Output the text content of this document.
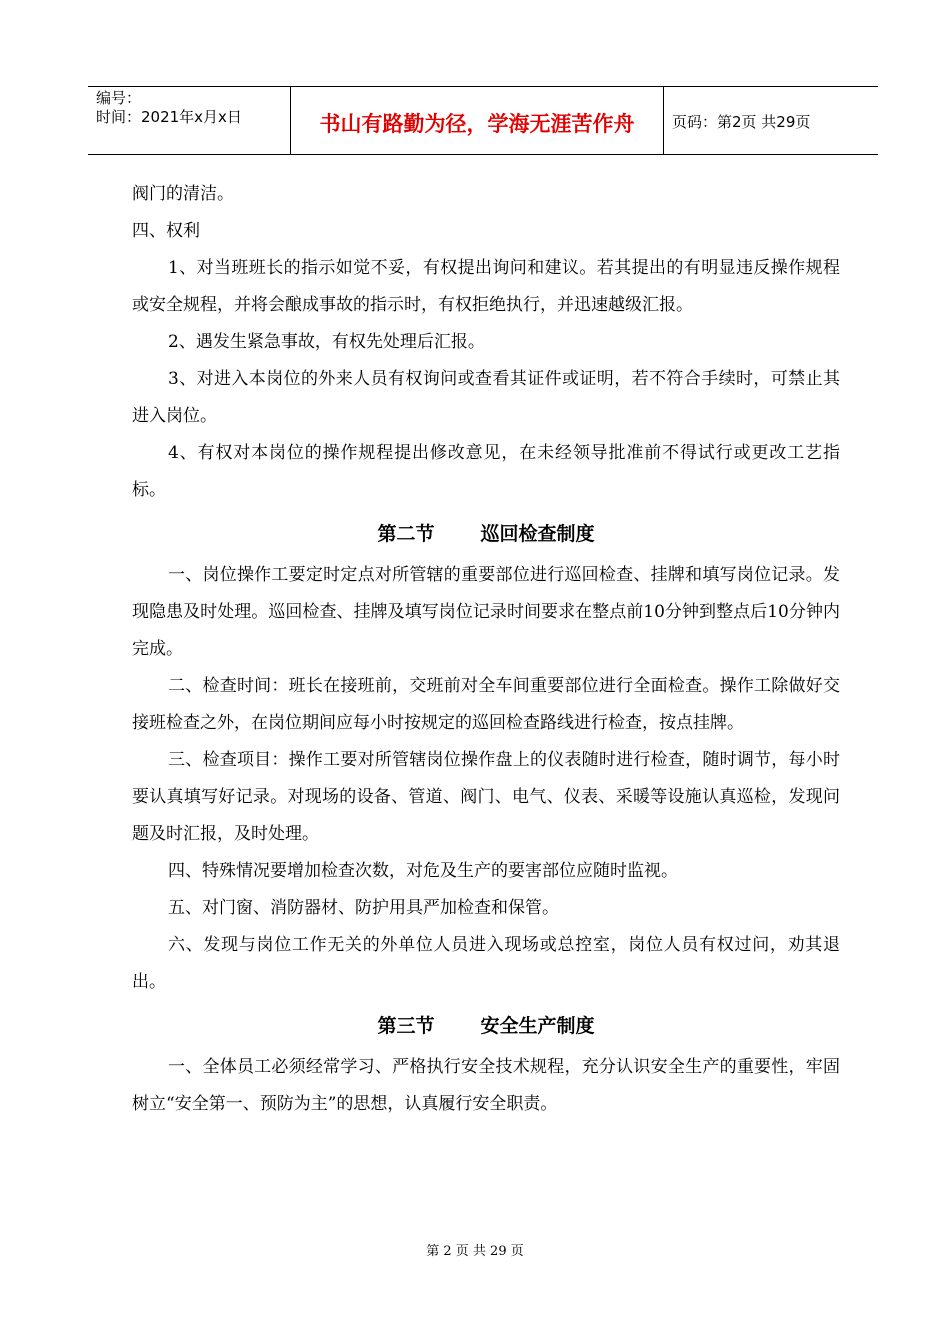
编号：
时间：2021年x月x日	书山有路勤为径，学海无涯苦作舟	页码：第2页 共29页

阀门的清洁。

四、权利

1、对当班班长的指示如觉不妥，有权提出询问和建议。若其提出的有明显违反操作规程或安全规程，并将会酿成事故的指示时，有权拒绝执行，并迅速越级汇报。

2、遇发生紧急事故，有权先处理后汇报。

3、对进入本岗位的外来人员有权询问或查看其证件或证明，若不符合手续时，可禁止其进入岗位。

4、有权对本岗位的操作规程提出修改意见，在未经领导批准前不得试行或更改工艺指标。

第二节 巡回检查制度

一、岗位操作工要定时定点对所管辖的重要部位进行巡回检查、挂牌和填写岗位记录。发现隐患及时处理。巡回检查、挂牌及填写岗位记录时间要求在整点前10分钟到整点后10分钟内完成。

二、检查时间：班长在接班前，交班前对全车间重要部位进行全面检查。操作工除做好交接班检查之外，在岗位期间应每小时按规定的巡回检查路线进行检查，按点挂牌。

三、检查项目：操作工要对所管辖岗位操作盘上的仪表随时进行检查，随时调节，每小时要认真填写好记录。对现场的设备、管道、阀门、电气、仪表、采暖等设施认真巡检，发现问题及时汇报，及时处理。

四、特殊情况要增加检查次数，对危及生产的要害部位应随时监视。

五、对门窗、消防器材、防护用具严加检查和保管。

六、发现与岗位工作无关的外单位人员进入现场或总控室，岗位人员有权过问，劝其退出。

第三节 安全生产制度

一、全体员工必须经常学习、严格执行安全技术规程，充分认识安全生产的重要性，牢固树立“安全第一、预防为主”的思想，认真履行安全职责。

第 2 页 共 29 页
